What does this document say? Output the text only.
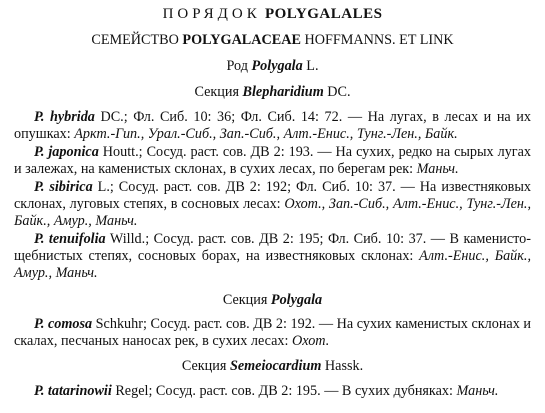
ПОРЯДОК POLYGALALES
СЕМЕЙСТВО POLYGALACEAE HOFFMANNS. ET LINK
Род Polygala L.
Секция Blepharidium DC.
P. hybrida DC.; Фл. Сиб. 10: 36; Фл. Сиб. 14: 72. — На лугах, в лесах и на их опушках: Аркт.-Гип., Урал.-Сиб., Зап.-Сиб., Алт.-Енис., Тунг.-Лен., Байк.
P. japonica Houtt.; Сосуд. раст. сов. ДВ 2: 193. — На сухих, редко на сырых лугах и залежах, на каменистых склонах, в сухих лесах, по берегам рек: Маньч.
P. sibirica L.; Сосуд. раст. сов. ДВ 2: 192; Фл. Сиб. 10: 37. — На известняковых склонах, луговых степях, в сосновых лесах: Охот., Зап.-Сиб., Алт.-Енис., Тунг.-Лен., Байк., Амур., Маньч.
P. tenuifolia Willd.; Сосуд. раст. сов. ДВ 2: 195; Фл. Сиб. 10: 37. — В каменисто-щебнистых степях, сосновых борах, на известняковых склонах: Алт.-Енис., Байк., Амур., Маньч.
Секция Polygala
P. comosa Schkuhr; Сосуд. раст. сов. ДВ 2: 192. — На сухих каменистых склонах и скалах, песчаных наносах рек, в сухих лесах: Охот.
Секция Semeiocardium Hassk.
P. tatarinowii Regel; Сосуд. раст. сов. ДВ 2: 195. — В сухих дубняках: Маньч.
